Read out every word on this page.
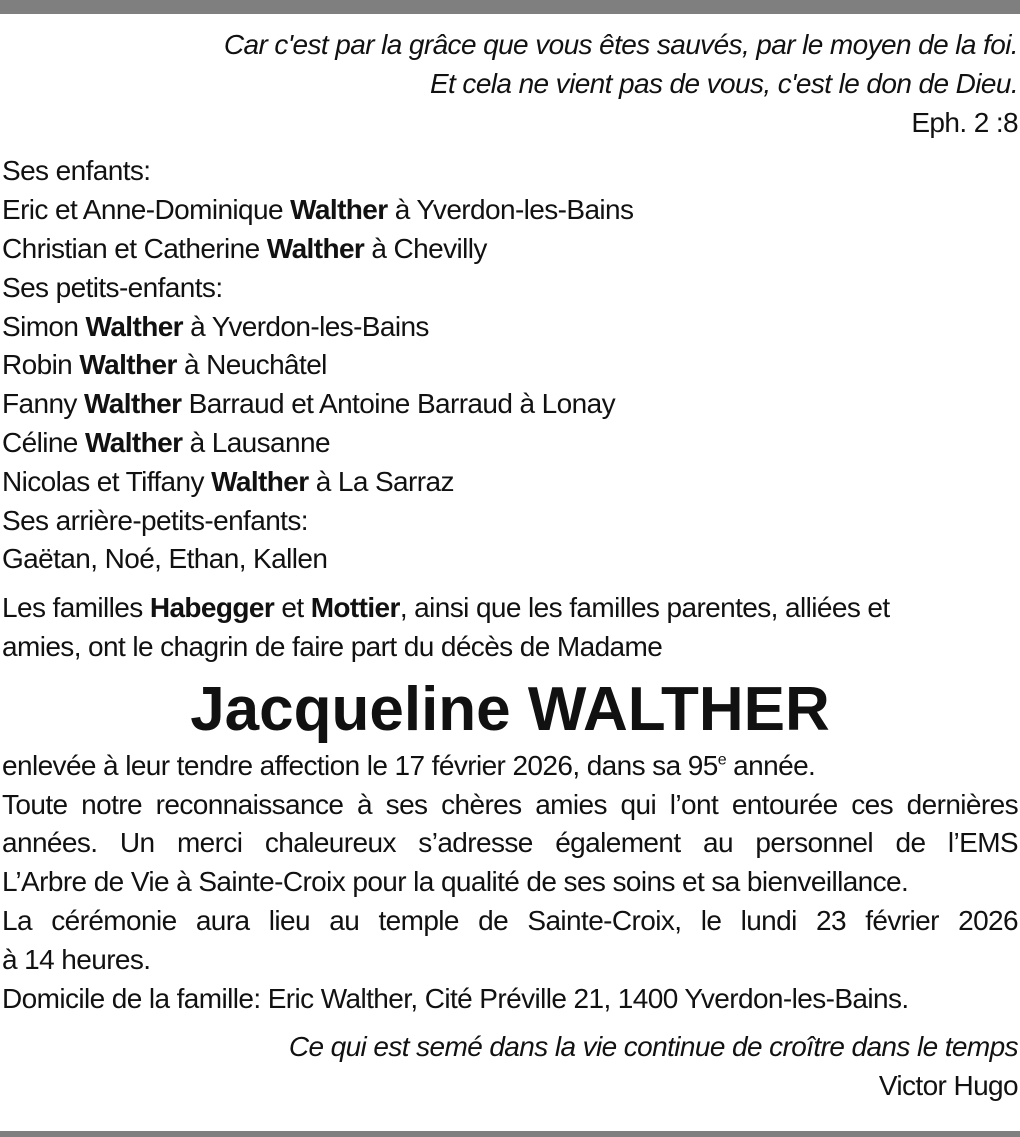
Car c'est par la grâce que vous êtes sauvés, par le moyen de la foi.
Et cela ne vient pas de vous, c'est le don de Dieu.
Eph. 2 :8
Ses enfants:
Eric et Anne-Dominique Walther à Yverdon-les-Bains
Christian et Catherine Walther à Chevilly
Ses petits-enfants:
Simon Walther à Yverdon-les-Bains
Robin Walther à Neuchâtel
Fanny Walther Barraud et Antoine Barraud à Lonay
Céline Walther à Lausanne
Nicolas et Tiffany Walther à La Sarraz
Ses arrière-petits-enfants:
Gaëtan, Noé, Ethan, Kallen
Les familles Habegger et Mottier, ainsi que les familles parentes, alliées et
amies, ont le chagrin de faire part du décès de Madame
Jacqueline WALTHER
enlevée à leur tendre affection le 17 février 2026, dans sa 95e année.
Toute notre reconnaissance à ses chères amies qui l’ont entourée ces dernières
années. Un merci chaleureux s’adresse également au personnel de l’EMS
L’Arbre de Vie à Sainte-Croix pour la qualité de ses soins et sa bienveillance.
La cérémonie aura lieu au temple de Sainte-Croix, le lundi 23 février 2026
à 14 heures.
Domicile de la famille: Eric Walther, Cité Préville 21, 1400 Yverdon-les-Bains.
Ce qui est semé dans la vie continue de croître dans le temps
Victor Hugo
